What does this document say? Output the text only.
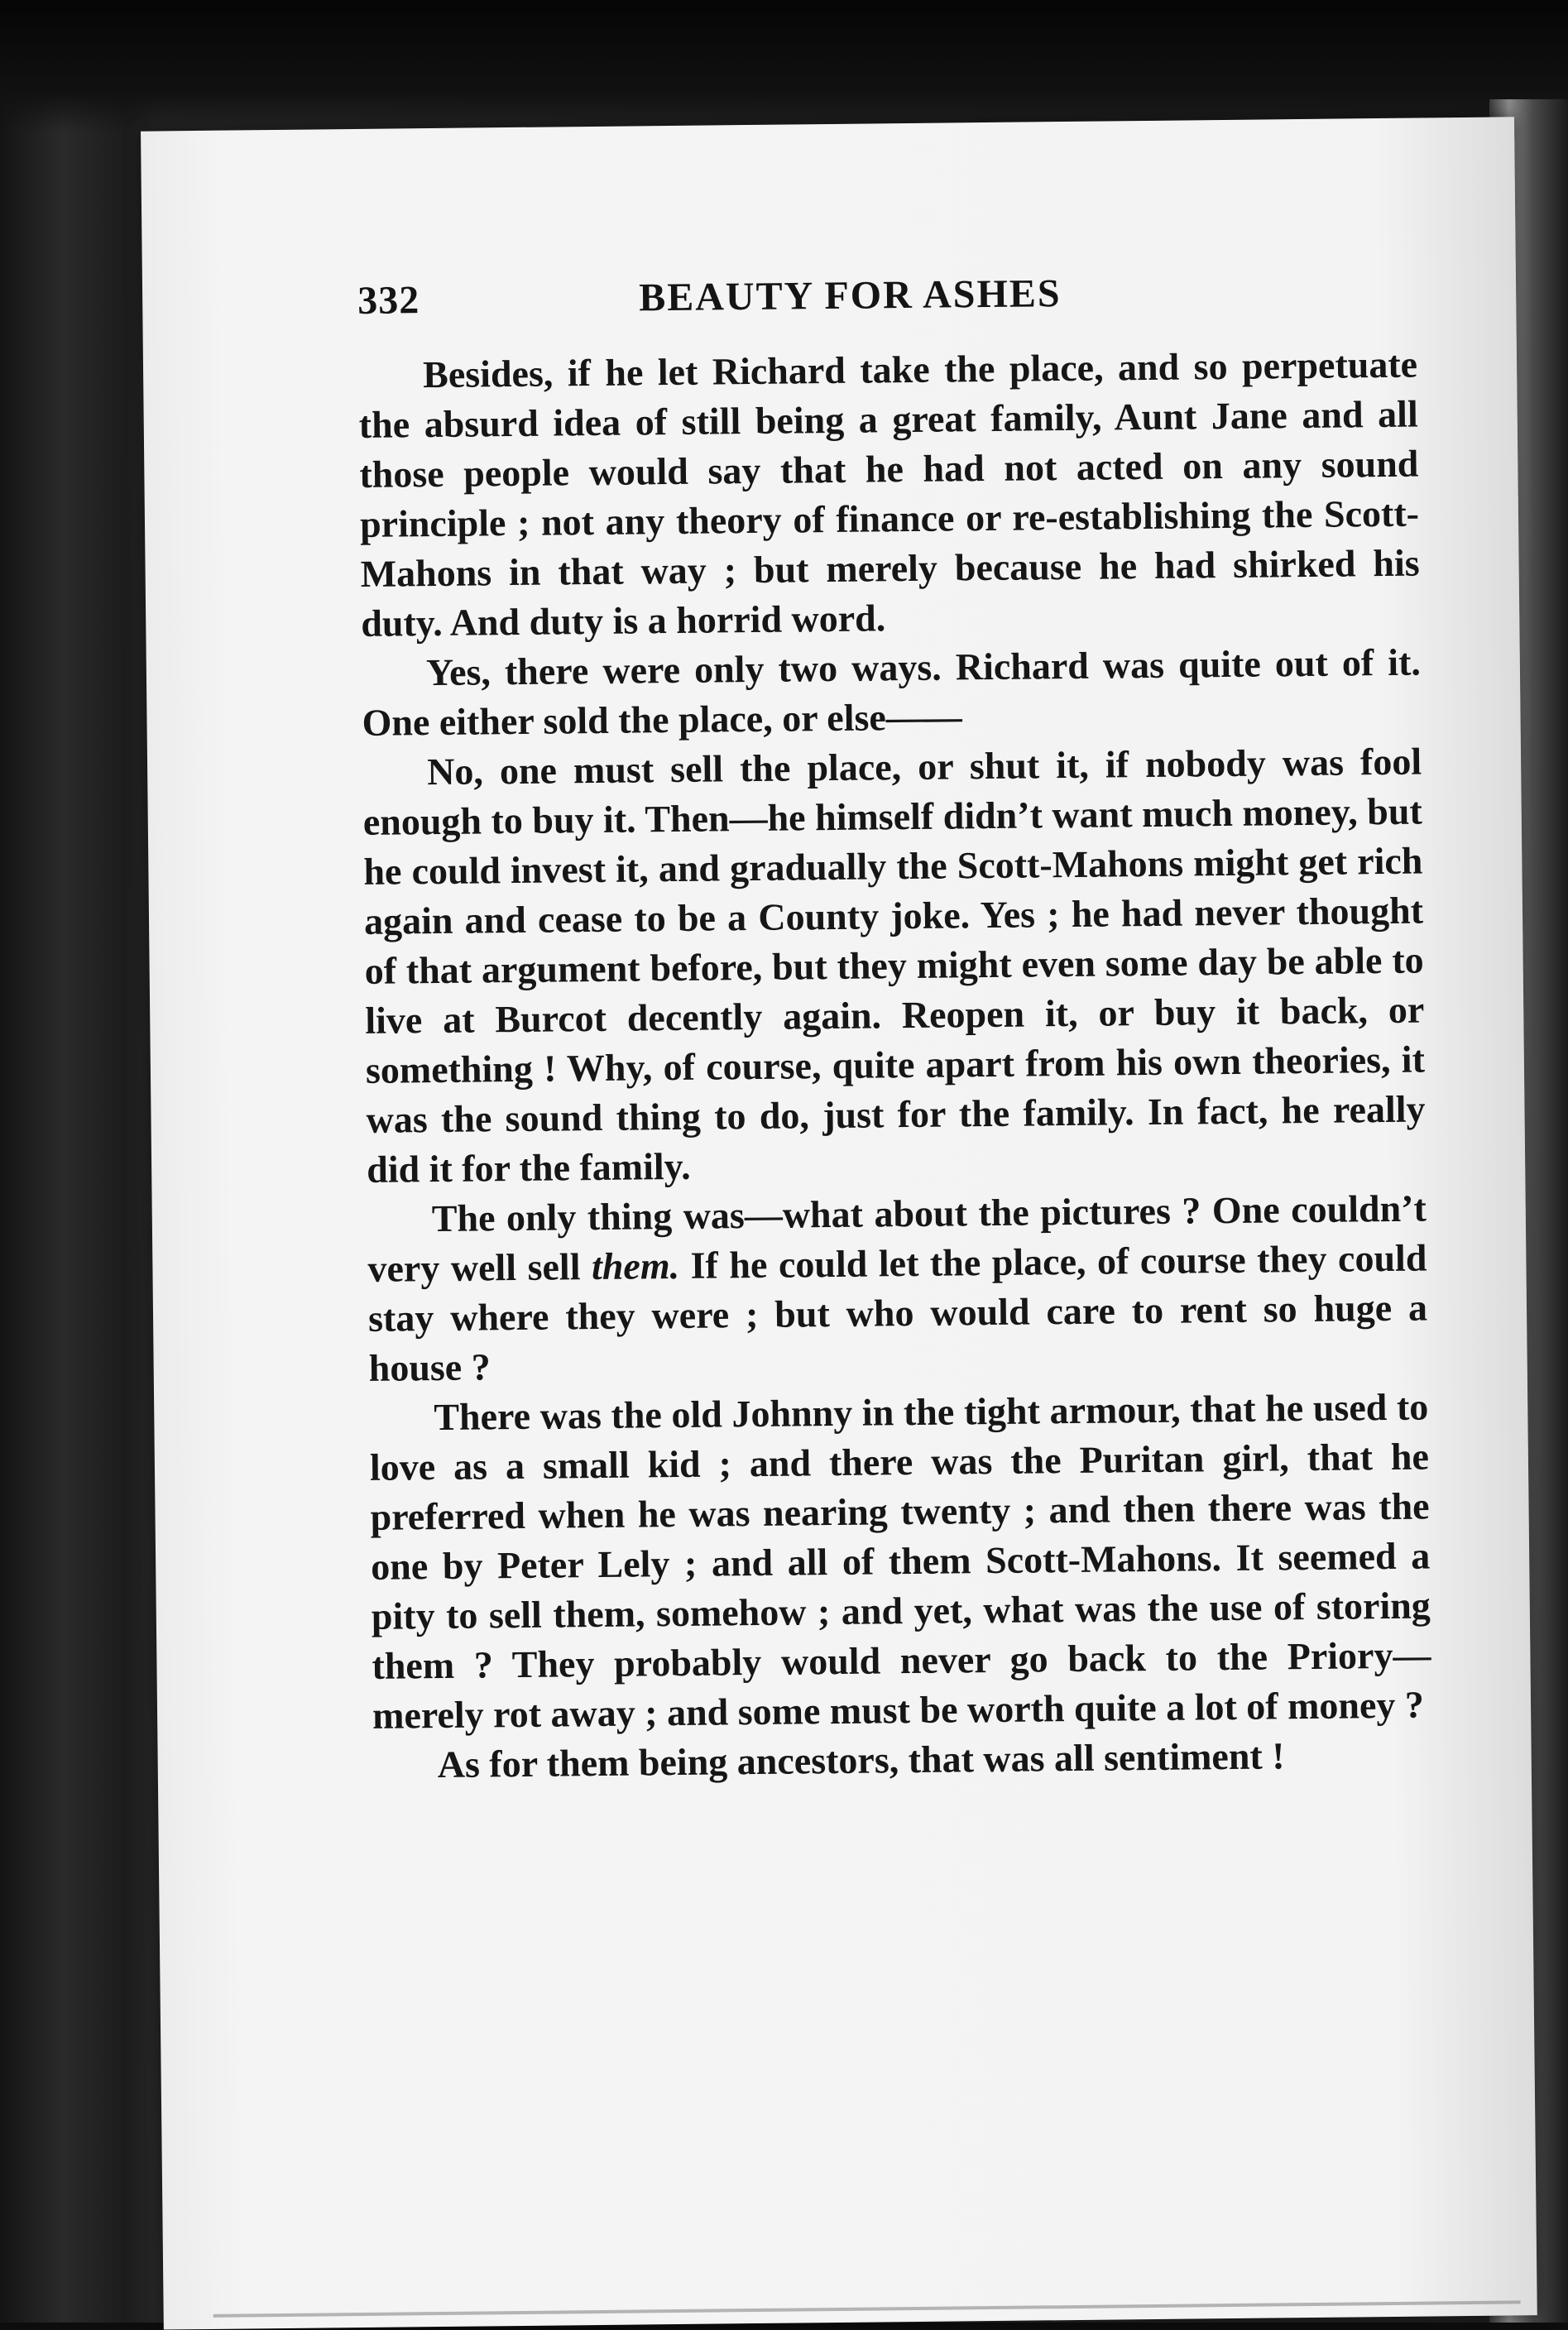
332	BEAUTY FOR ASHES

Besides, if he let Richard take the place, and so perpetuate the absurd idea of still being a great family, Aunt Jane and all those people would say that he had not acted on any sound principle ; not any theory of finance or re-establishing the Scott-Mahons in that way ; but merely because he had shirked his duty. And duty is a horrid word.

Yes, there were only two ways. Richard was quite out of it. One either sold the place, or else——

No, one must sell the place, or shut it, if nobody was fool enough to buy it. Then—he himself didn’t want much money, but he could invest it, and gradually the Scott-Mahons might get rich again and cease to be a County joke. Yes ; he had never thought of that argument before, but they might even some day be able to live at Burcot decently again. Reopen it, or buy it back, or something ! Why, of course, quite apart from his own theories, it was the sound thing to do, just for the family. In fact, he really did it for the family.

The only thing was—what about the pictures ? One couldn’t very well sell them. If he could let the place, of course they could stay where they were ; but who would care to rent so huge a house ?

There was the old Johnny in the tight armour, that he used to love as a small kid ; and there was the Puritan girl, that he preferred when he was nearing twenty ; and then there was the one by Peter Lely ; and all of them Scott-Mahons. It seemed a pity to sell them, somehow ; and yet, what was the use of storing them ? They probably would never go back to the Priory—merely rot away ; and some must be worth quite a lot of money ?

As for them being ancestors, that was all sentiment !
